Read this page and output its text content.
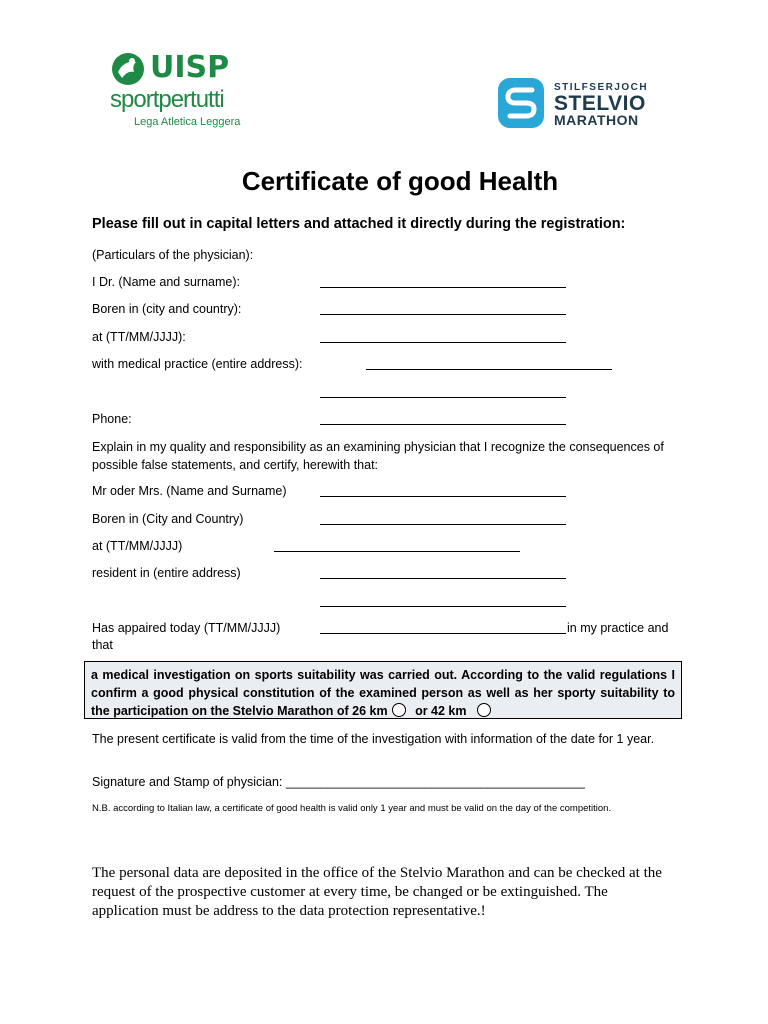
UISP
sportpertutti
Lega Atletica Leggera
STILFSERJOCH
STELVIO
MARATHON
Certificate of good Health
Please fill out in capital letters and attached it directly during the registration:
(Particulars of the physician):
I Dr. (Name and surname):
Boren in (city and country):
at (TT/MM/JJJJ):
with medical practice (entire address):
Phone:
Explain in my quality and responsibility as an examining physician that I recognize the consequences of possible false statements, and certify, herewith that:
Mr oder Mrs. (Name and Surname)
Boren in (City and Country)
at (TT/MM/JJJJ)
resident in (entire address)
Has appaired today (TT/MM/JJJJ)	in my practice and
that
a medical investigation on sports suitability was carried out. According to the valid regulations I confirm a good physical constitution of the examined person as well as her sporty suitability to the participation on the Stelvio Marathon of 26 km or 42 km
The present certificate is valid from the time of the investigation with information of the date for 1 year.
Signature and Stamp of physician: ___________________________________________
N.B. according to Italian law, a certificate of good health is valid only 1 year and must be valid on the day of the competition.
The personal data are deposited in the office of the Stelvio Marathon and can be checked at the request of the prospective customer at every time, be changed or be extinguished. The application must be address to the data protection representative.!
